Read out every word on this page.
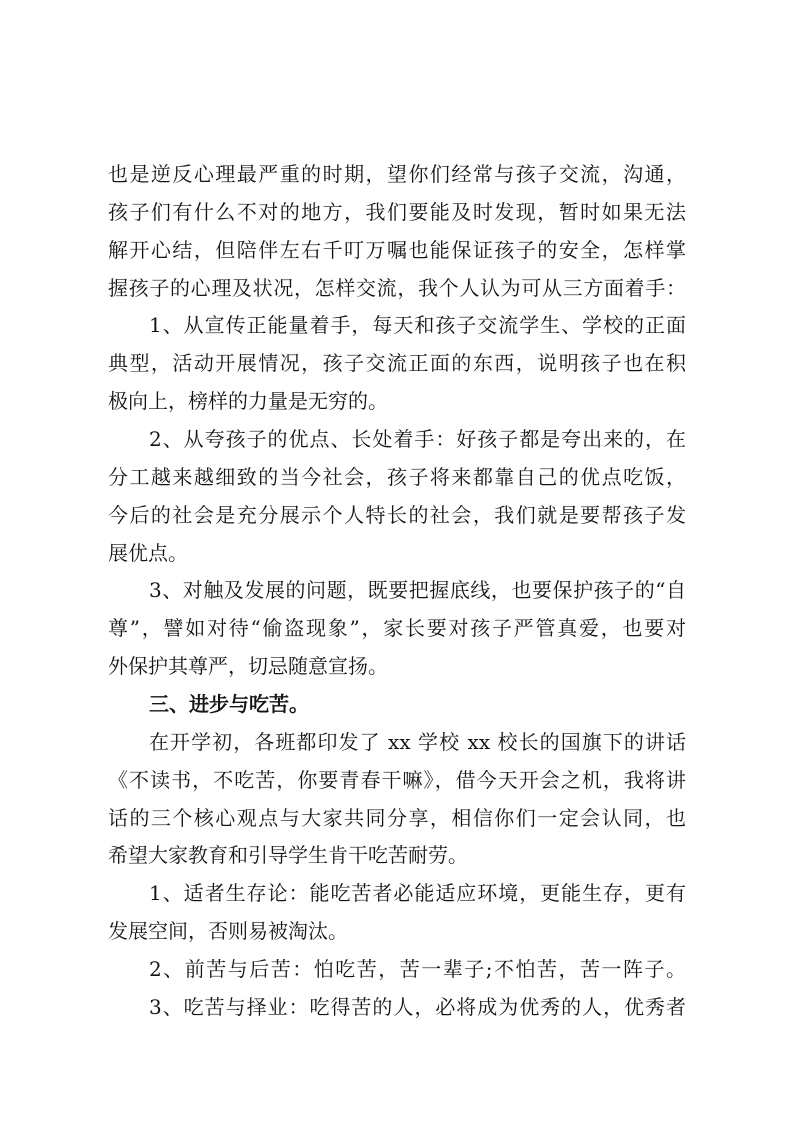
也是逆反心理最严重的时期，望你们经常与孩子交流，沟通，
孩子们有什么不对的地方，我们要能及时发现，暂时如果无法
解开心结，但陪伴左右千叮万嘱也能保证孩子的安全，怎样掌
握孩子的心理及状况，怎样交流，我个人认为可从三方面着手：
1、从宣传正能量着手，每天和孩子交流学生、学校的正面
典型，活动开展情况，孩子交流正面的东西，说明孩子也在积
极向上，榜样的力量是无穷的。
2、从夸孩子的优点、长处着手：好孩子都是夸出来的，在
分工越来越细致的当今社会，孩子将来都靠自己的优点吃饭，
今后的社会是充分展示个人特长的社会，我们就是要帮孩子发
展优点。
3、对触及发展的问题，既要把握底线，也要保护孩子的“自
尊”，譬如对待“偷盗现象”，家长要对孩子严管真爱，也要对
外保护其尊严，切忌随意宣扬。
三、进步与吃苦。
在开学初，各班都印发了 xx 学校 xx 校长的国旗下的讲话
《不读书，不吃苦，你要青春干嘛》，借今天开会之机，我将讲
话的三个核心观点与大家共同分享，相信你们一定会认同，也
希望大家教育和引导学生肯干吃苦耐劳。
1、适者生存论：能吃苦者必能适应环境，更能生存，更有
发展空间，否则易被淘汰。
2、前苦与后苦：怕吃苦，苦一辈子;不怕苦，苦一阵子。
3、吃苦与择业：吃得苦的人，必将成为优秀的人，优秀者
